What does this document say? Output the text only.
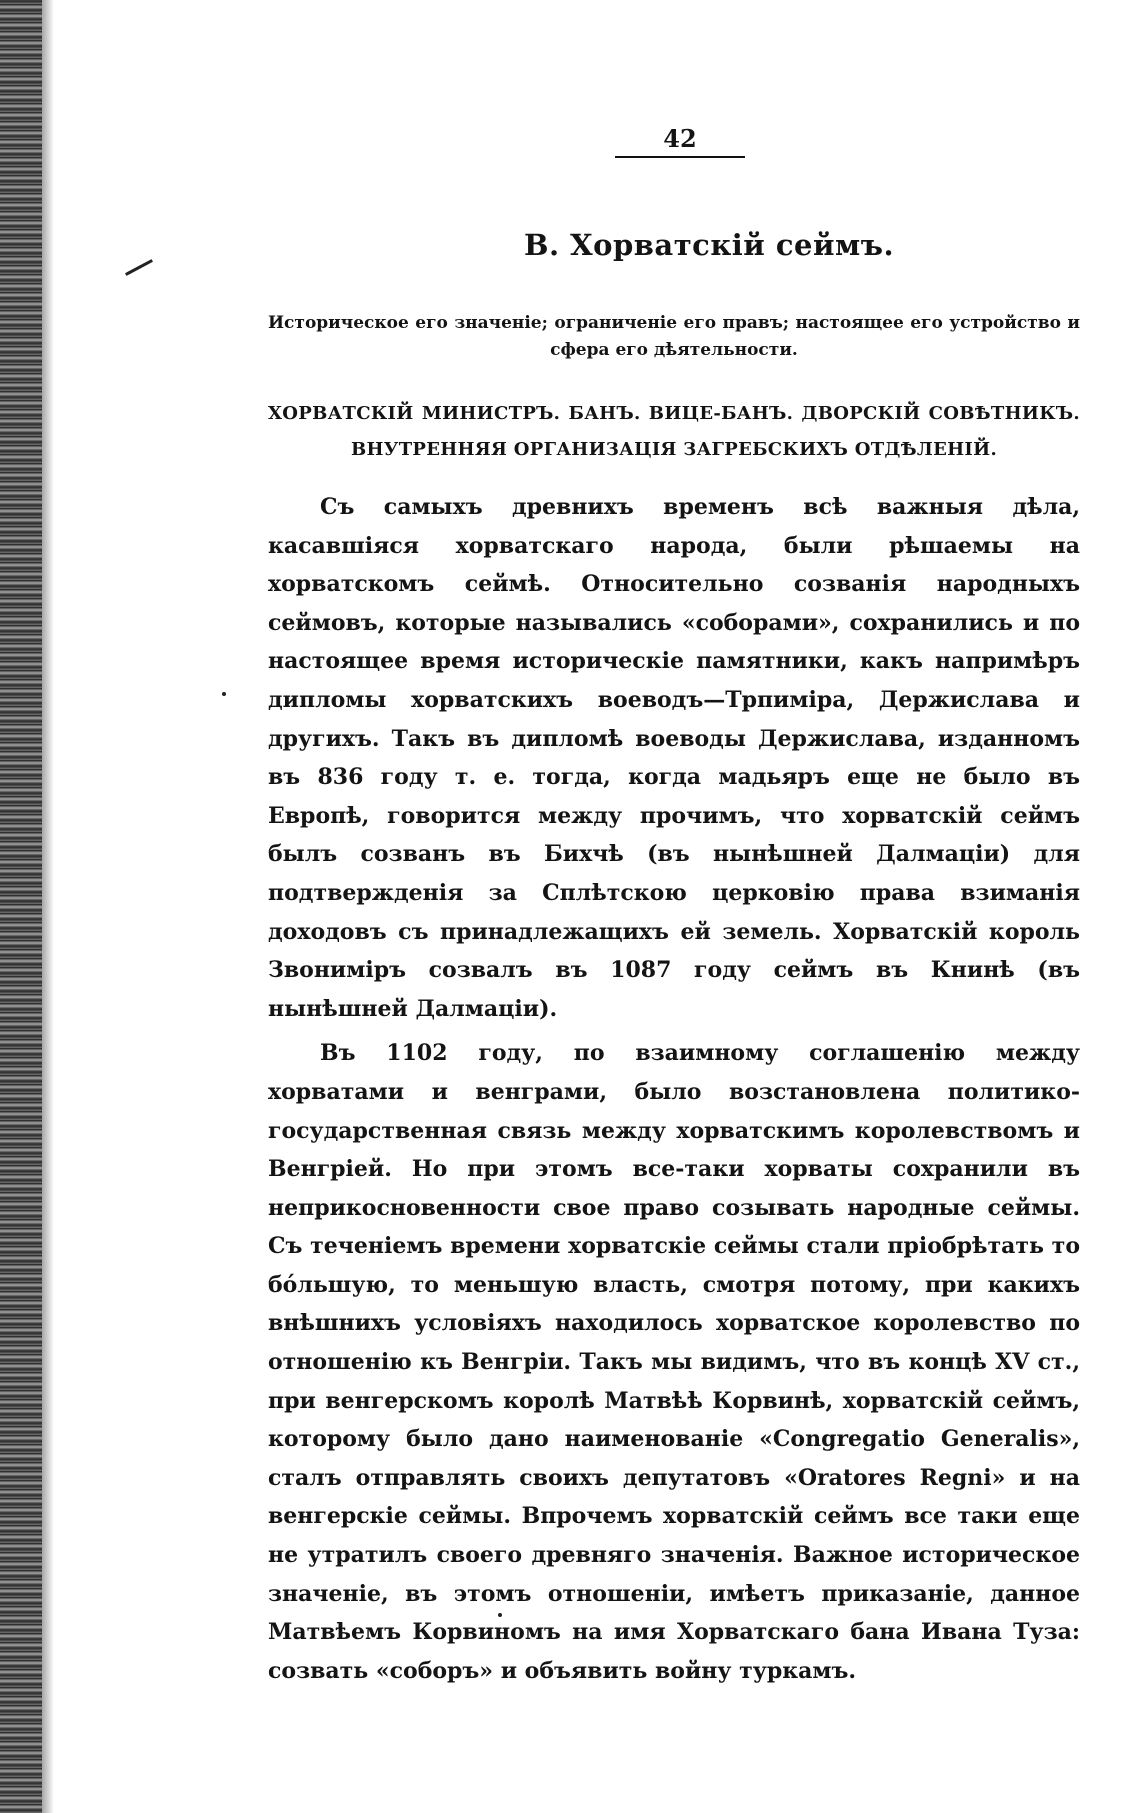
42
В. Хорватскій сеймъ.
Историческое его значеніе; ограниченіе его правъ; настоящее его устройство и сфера его дѣятельности.
ХОРВАТСКІЙ МИНИСТРЪ. БАНЪ. ВИЦЕ-БАНЪ. ДВОРСКІЙ СОВѢТНИКЪ. ВНУТРЕННЯЯ ОРГАНИЗАЦІЯ ЗАГРЕБСКИХЪ ОТДѢЛЕНІЙ.

Съ самыхъ древнихъ временъ всѣ важныя дѣла, касавшіяся хорватскаго народа, были рѣшаемы на хорватскомъ сеймѣ. Относительно созванія народныхъ сеймовъ, которые назывались «соборами», сохранились и по настоящее время историческіе памятники, какъ напримѣръ дипломы хорватскихъ воеводъ—Трпиміра, Держислава и другихъ. Такъ въ дипломѣ воеводы Держислава, изданномъ въ 836 году т. е. тогда, когда мадьяръ еще не было въ Европѣ, говорится между прочимъ, что хорватскій сеймъ былъ созванъ въ Бихчѣ (въ нынѣшней Далмаціи) для подтвержденія за Сплѣтскою церковію права взиманія доходовъ съ принадлежащихъ ей земель. Хорватскій король Звониміръ созвалъ въ 1087 году сеймъ въ Книнѣ (въ нынѣшней Далмаціи).

Въ 1102 году, по взаимному соглашенію между хорватами и венграми, было возстановлена политико-государственная связь между хорватскимъ королевствомъ и Венгріей. Но при этомъ все-таки хорваты сохранили въ неприкосновенности свое право созывать народные сеймы. Съ теченіемъ времени хорватскіе сеймы стали пріобрѣтать то бо́льшую, то меньшую власть, смотря потому, при какихъ внѣшнихъ условіяхъ находилось хорватское королевство по отношенію къ Венгріи. Такъ мы видимъ, что въ концѣ XV ст., при венгерскомъ королѣ Матвѣѣ Корвинѣ, хорватскій сеймъ, которому было дано наименованіе «Congregatio Generalis», сталъ отправлять своихъ депутатовъ «Oratores Regni» и на венгерскіе сеймы. Впрочемъ хорватскій сеймъ все таки еще не утратилъ своего древняго значенія. Важное историческое значеніе, въ этомъ отношеніи, имѣетъ приказаніе, данное Матвѣемъ Корвиномъ на имя Хорватскаго бана Ивана Туза: созвать «соборъ» и объявить войну туркамъ.
